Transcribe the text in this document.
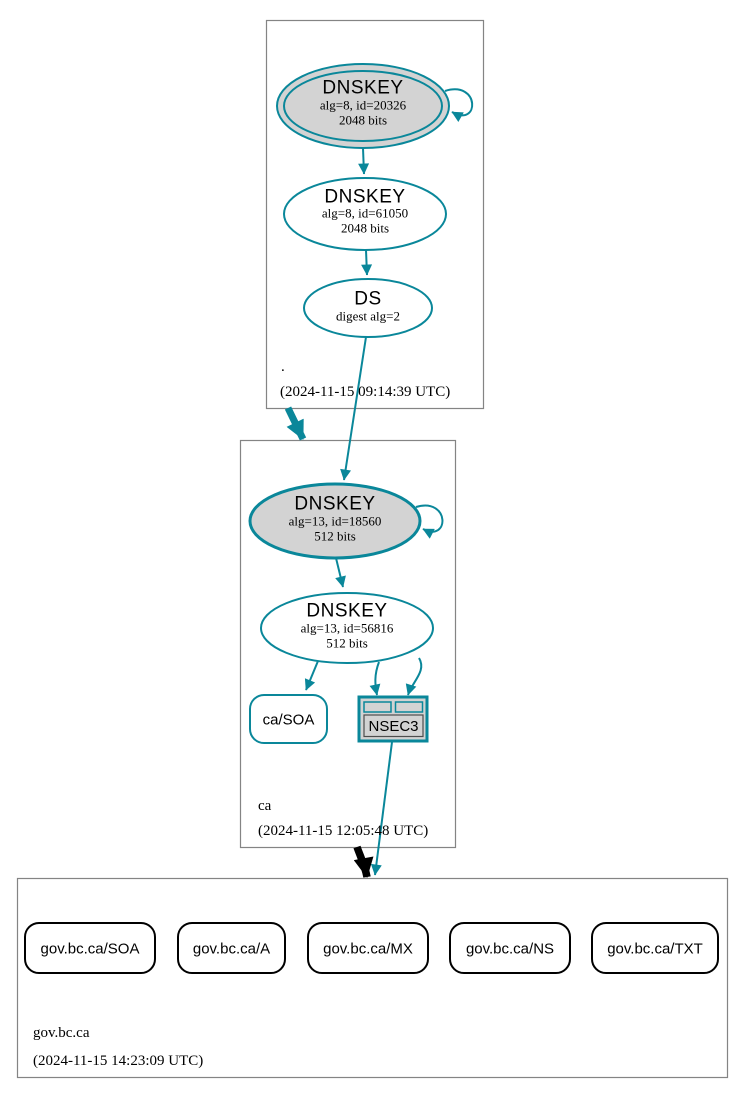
DNSKEY
alg=8, id=20326
2048 bits
DNSKEY
alg=8, id=61050
2048 bits
DS
digest alg=2
.
(2024-11-15 09:14:39 UTC)
DNSKEY
alg=13, id=18560
512 bits
DNSKEY
alg=13, id=56816
512 bits
ca/SOA	NSEC3
ca
(2024-11-15 12:05:48 UTC)
gov.bc.ca/SOA	gov.bc.ca/A	gov.bc.ca/MX	gov.bc.ca/NS	gov.bc.ca/TXT
gov.bc.ca
(2024-11-15 14:23:09 UTC)
